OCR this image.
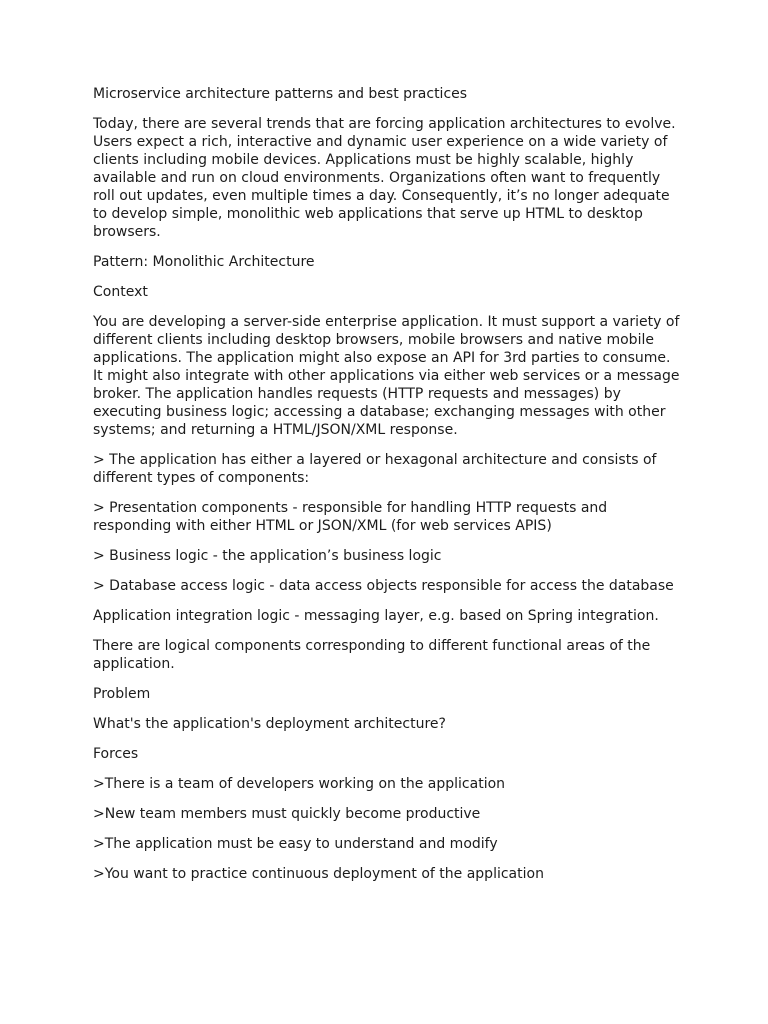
Microservice architecture patterns and best practices

Today, there are several trends that are forcing application architectures to evolve. Users expect a rich, interactive and dynamic user experience on a wide variety of clients including mobile devices. Applications must be highly scalable, highly available and run on cloud environments. Organizations often want to frequently roll out updates, even multiple times a day. Consequently, it’s no longer adequate to develop simple, monolithic web applications that serve up HTML to desktop browsers.

Pattern: Monolithic Architecture

Context

You are developing a server-side enterprise application. It must support a variety of different clients including desktop browsers, mobile browsers and native mobile applications. The application might also expose an API for 3rd parties to consume. It might also integrate with other applications via either web services or a message broker. The application handles requests (HTTP requests and messages) by executing business logic; accessing a database; exchanging messages with other systems; and returning a HTML/JSON/XML response.

> The application has either a layered or hexagonal architecture and consists of different types of components:

> Presentation components - responsible for handling HTTP requests and responding with either HTML or JSON/XML (for web services APIS)

> Business logic - the application’s business logic

> Database access logic - data access objects responsible for access the database

Application integration logic - messaging layer, e.g. based on Spring integration.

There are logical components corresponding to different functional areas of the application.

Problem

What's the application's deployment architecture?

Forces

>There is a team of developers working on the application

>New team members must quickly become productive

>The application must be easy to understand and modify

>You want to practice continuous deployment of the application
